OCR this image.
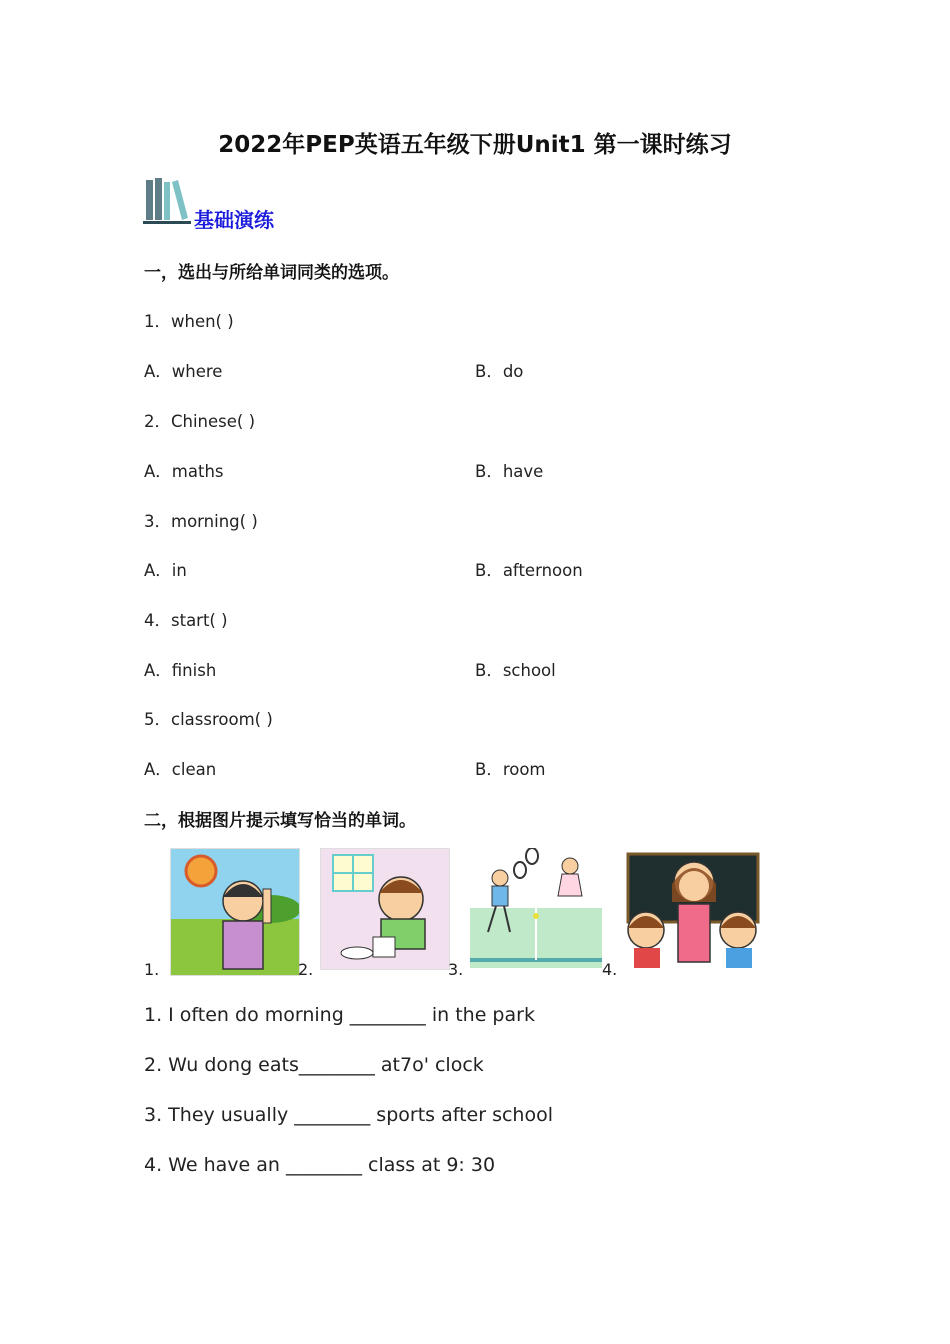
2022年PEP英语五年级下册Unit1 第一课时练习
基础演练
一，选出与所给单词同类的选项。
1．when( )
A．where	B．do
2．Chinese( )
A．maths	B．have
3．morning( )
A．in	B．afternoon
4．start( )
A．finish	B．school
5．classroom( )
A．clean	B．room
二，根据图片提示填写恰当的单词。
1.	2.	3.	4.
1. I often do morning ________ in the park
2. Wu dong eats________ at7o' clock
3. They usually ________ sports after school
4. We have an ________ class at 9: 30
